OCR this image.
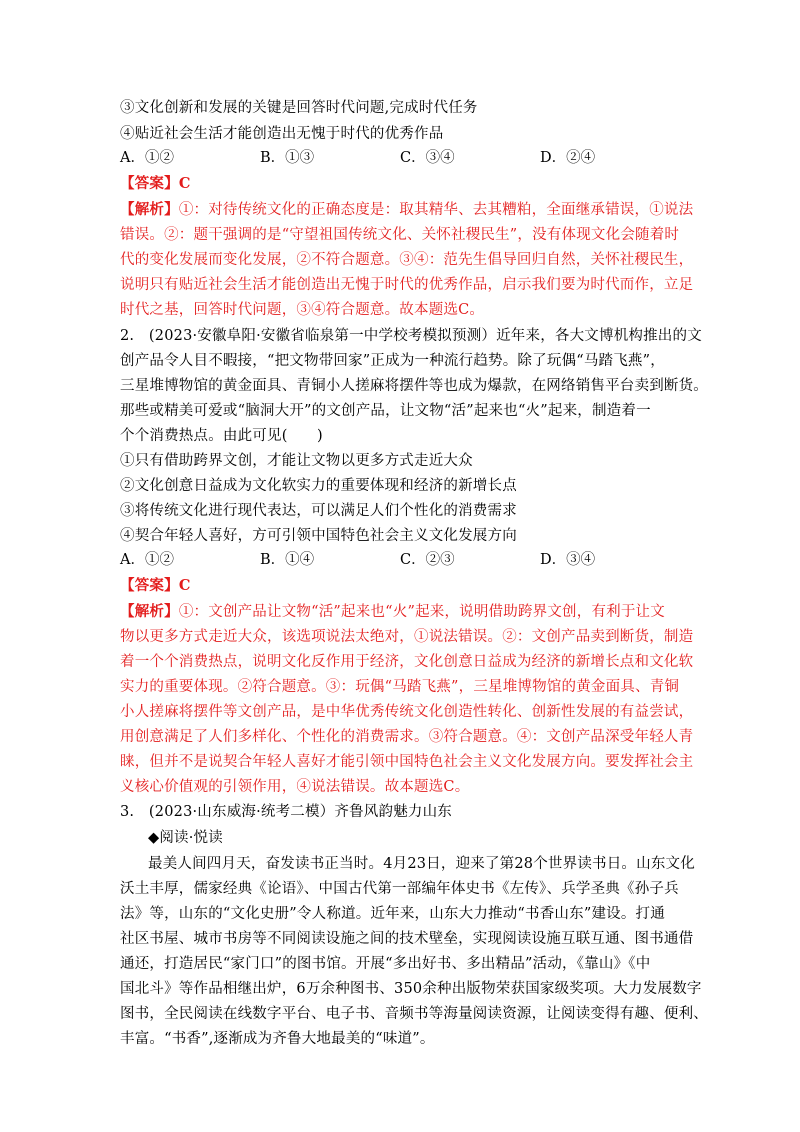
③文化创新和发展的关键是回答时代问题,完成时代任务
④贴近社会生活才能创造出无愧于时代的优秀作品
A．①②	B．①③	C．③④	D．②④
【答案】C
【解析】①：对待传统文化的正确态度是：取其精华、去其糟粕，全面继承错误，①说法
错误。②：题干强调的是“守望祖国传统文化、关怀社稷民生”，没有体现文化会随着时
代的变化发展而变化发展，②不符合题意。③④：范先生倡导回归自然，关怀社稷民生，
说明只有贴近社会生活才能创造出无愧于时代的优秀作品，启示我们要为时代而作，立足
时代之基，回答时代问题，③④符合题意。故本题选C。
2.　(2023·安徽阜阳·安徽省临泉第一中学校考模拟预测）近年来，各大文博机构推出的文
创产品令人目不暇接，“把文物带回家”正成为一种流行趋势。除了玩偶“马踏飞燕”，
三星堆博物馆的黄金面具、青铜小人搓麻将摆件等也成为爆款，在网络销售平台卖到断货。
那些或精美可爱或“脑洞大开”的文创产品，让文物“活”起来也“火”起来，制造着一
个个消费热点。由此可见(　　)
①只有借助跨界文创，才能让文物以更多方式走近大众
②文化创意日益成为文化软实力的重要体现和经济的新增长点
③将传统文化进行现代表达，可以满足人们个性化的消费需求
④契合年轻人喜好，方可引领中国特色社会主义文化发展方向
A．①②	B．①④	C．②③	D．③④
【答案】C
【解析】①：文创产品让文物“活”起来也“火”起来，说明借助跨界文创，有利于让文
物以更多方式走近大众，该选项说法太绝对，①说法错误。②：文创产品卖到断货，制造
着一个个消费热点，说明文化反作用于经济，文化创意日益成为经济的新增长点和文化软
实力的重要体现。②符合题意。③：玩偶“马踏飞燕”，三星堆博物馆的黄金面具、青铜
小人搓麻将摆件等文创产品，是中华优秀传统文化创造性转化、创新性发展的有益尝试，
用创意满足了人们多样化、个性化的消费需求。③符合题意。④：文创产品深受年轻人青
睐，但并不是说契合年轻人喜好才能引领中国特色社会主义文化发展方向。要发挥社会主
义核心价值观的引领作用，④说法错误。故本题选C。
3.　(2023·山东威海·统考二模）齐鲁风韵魅力山东
◆阅读·悦读
最美人间四月天，奋发读书正当时。4月23日，迎来了第28个世界读书日。山东文化
沃土丰厚，儒家经典《论语》、中国古代第一部编年体史书《左传》、兵学圣典《孙子兵
法》等，山东的“文化史册”令人称道。近年来，山东大力推动“书香山东”建设。打通
社区书屋、城市书房等不同阅读设施之间的技术壁垒，实现阅读设施互联互通、图书通借
通还，打造居民“家门口”的图书馆。开展“多出好书、多出精品”活动，《靠山》《中
国北斗》等作品相继出炉，6万余种图书、350余种出版物荣获国家级奖项。大力发展数字
图书，全民阅读在线数字平台、电子书、音频书等海量阅读资源，让阅读变得有趣、便利、
丰富。“书香”,逐渐成为齐鲁大地最美的“味道”。
